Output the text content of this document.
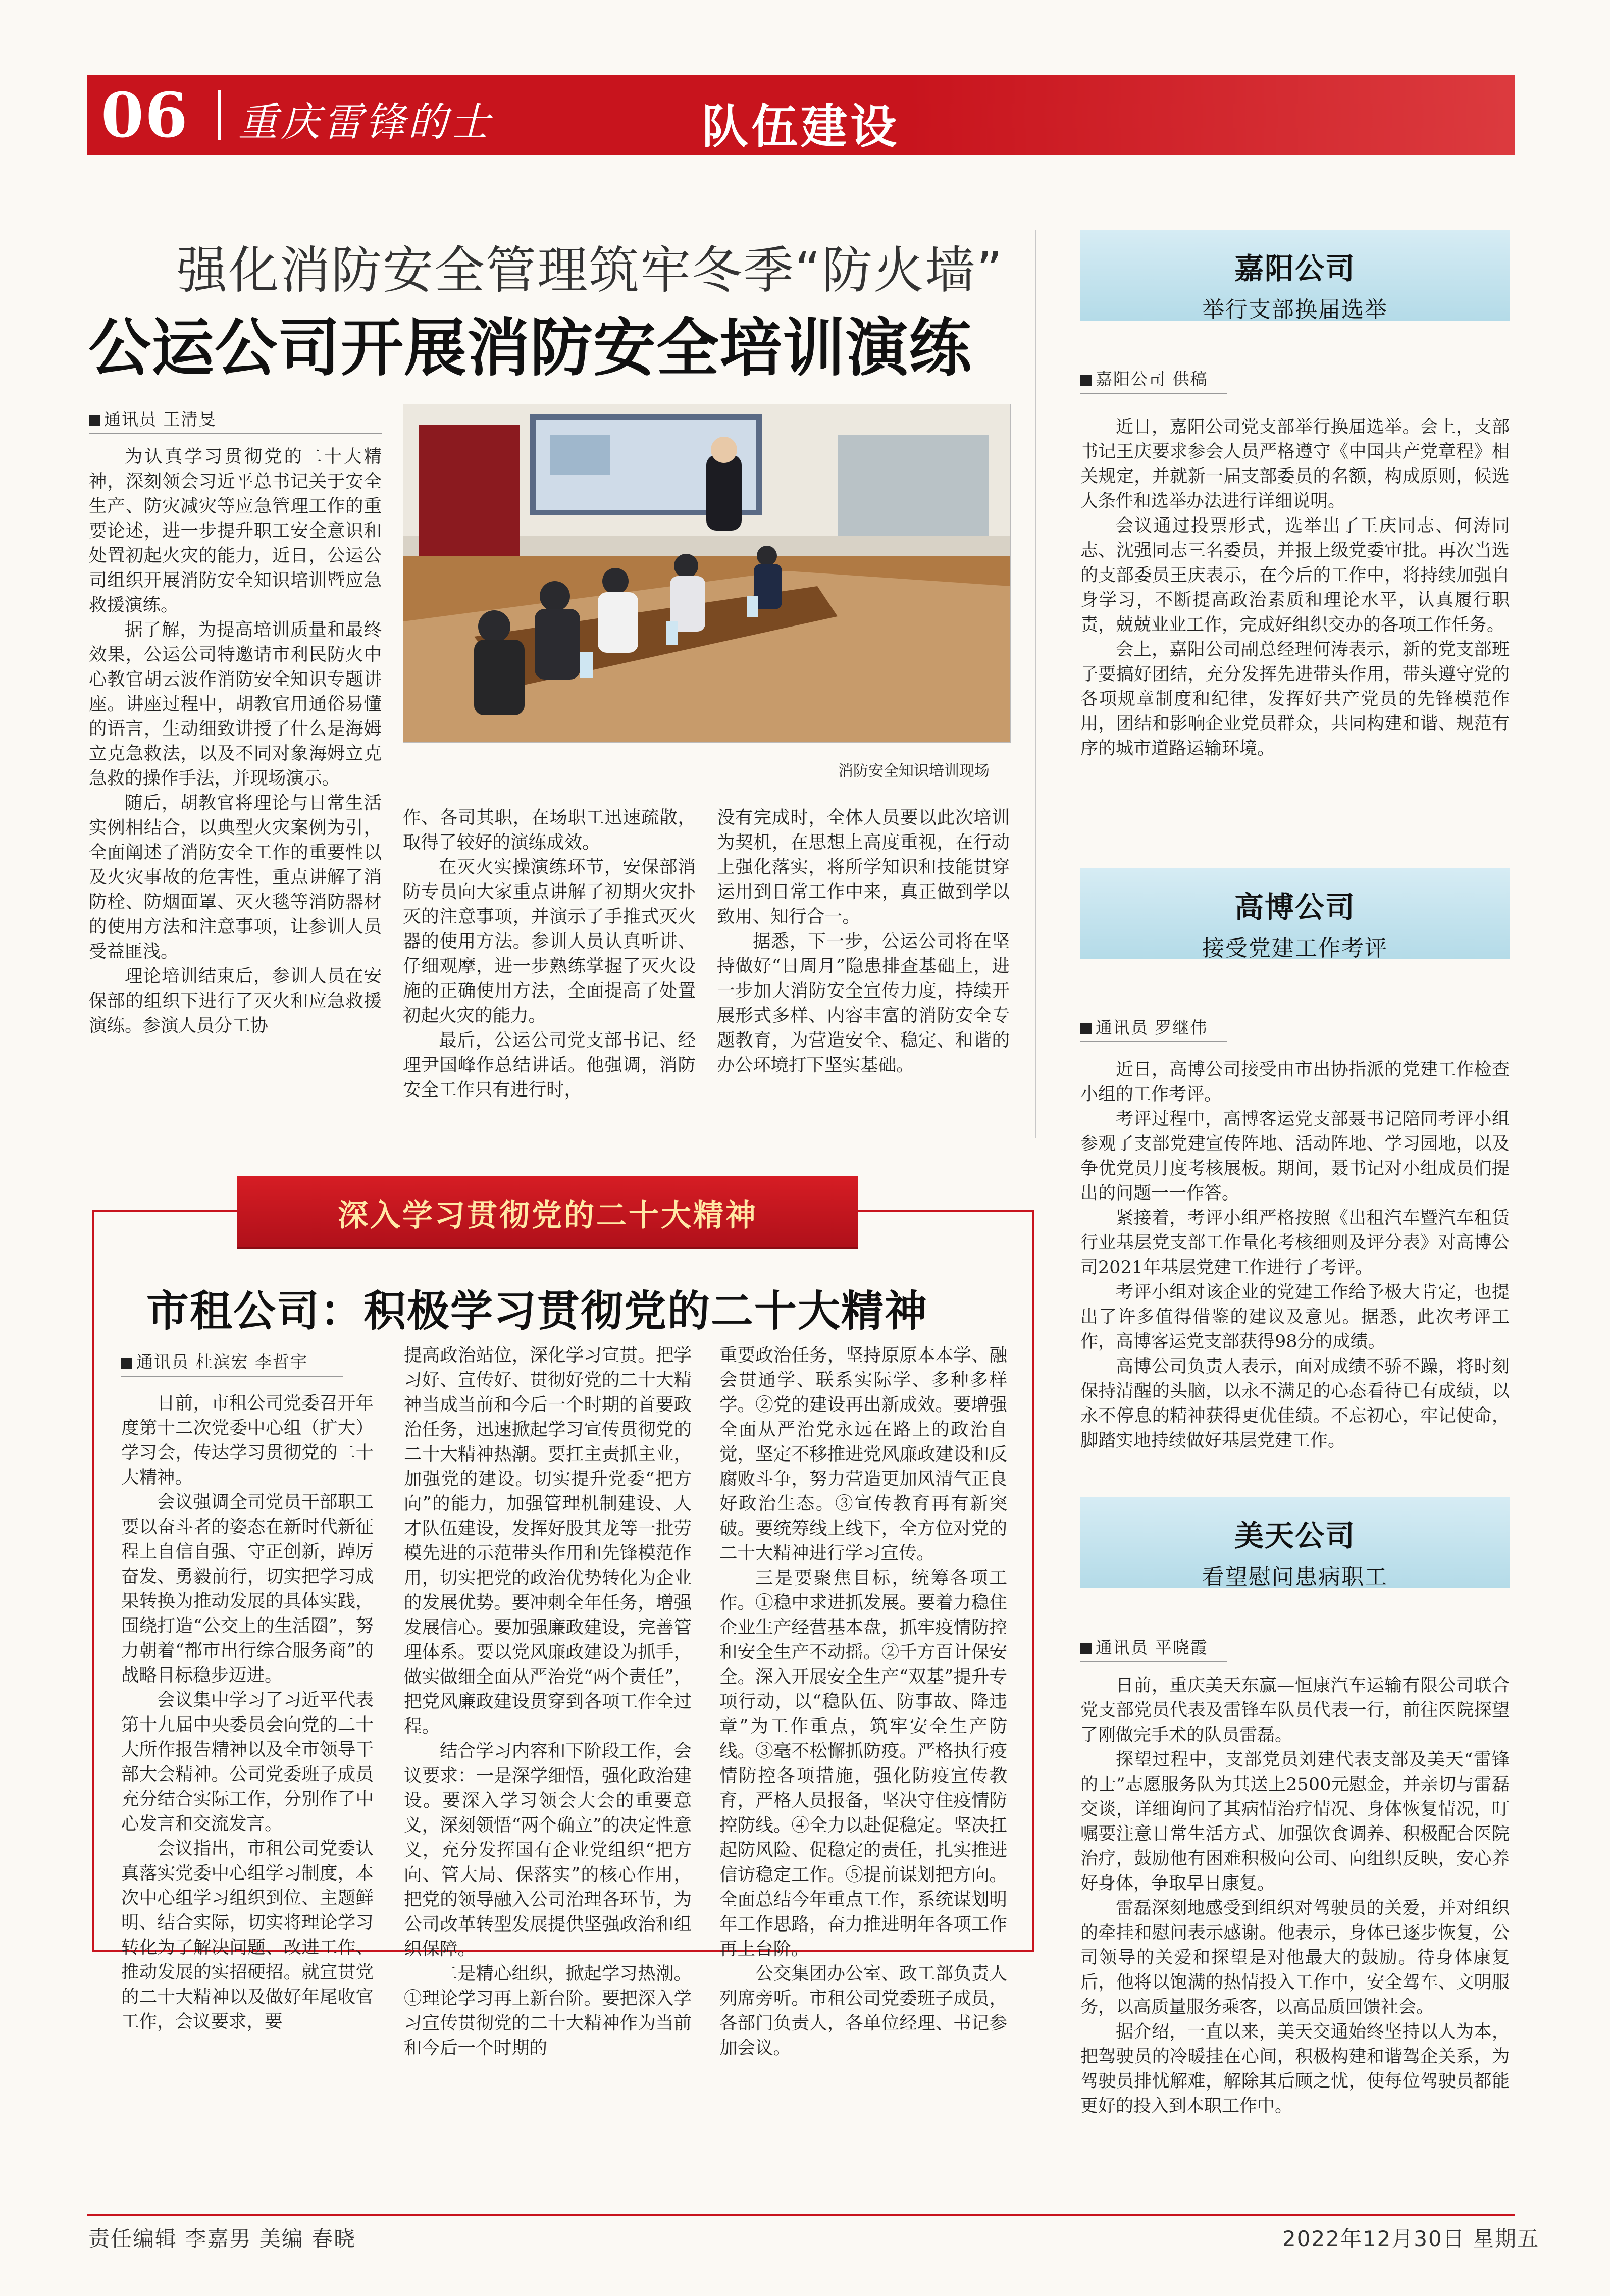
06 重庆雷锋的士	队伍建设
强化消防安全管理筑牢冬季“防火墙”
公运公司开展消防安全培训演练
通讯员 王清旻

为认真学习贯彻党的二十大精神，深刻领会习近平总书记关于安全生产、防灾减灾等应急管理工作的重要论述，进一步提升职工安全意识和处置初起火灾的能力，近日，公运公司组织开展消防安全知识培训暨应急救援演练。

据了解，为提高培训质量和最终效果，公运公司特邀请市利民防火中心教官胡云波作消防安全知识专题讲座。讲座过程中，胡教官用通俗易懂的语言，生动细致讲授了什么是海姆立克急救法，以及不同对象海姆立克急救的操作手法，并现场演示。

随后，胡教官将理论与日常生活实例相结合，以典型火灾案例为引，全面阐述了消防安全工作的重要性以及火灾事故的危害性，重点讲解了消防栓、防烟面罩、灭火毯等消防器材的使用方法和注意事项，让参训人员受益匪浅。

理论培训结束后，参训人员在安保部的组织下进行了灭火和应急救援演练。参演人员分工协

消防安全知识培训现场

作、各司其职，在场职工迅速疏散，取得了较好的演练成效。

在灭火实操演练环节，安保部消防专员向大家重点讲解了初期火灾扑灭的注意事项，并演示了手推式灭火器的使用方法。参训人员认真听讲、仔细观摩，进一步熟练掌握了灭火设施的正确使用方法，全面提高了处置初起火灾的能力。

最后，公运公司党支部书记、经理尹国峰作总结讲话。他强调，消防安全工作只有进行时，

没有完成时，全体人员要以此次培训为契机，在思想上高度重视，在行动上强化落实，将所学知识和技能贯穿运用到日常工作中来，真正做到学以致用、知行合一。

据悉，下一步，公运公司将在坚持做好“日周月”隐患排查基础上，进一步加大消防安全宣传力度，持续开展形式多样、内容丰富的消防安全专题教育，为营造安全、稳定、和谐的办公环境打下坚实基础。

深入学习贯彻党的二十大精神
市租公司：积极学习贯彻党的二十大精神
通讯员 杜滨宏 李哲宇

日前，市租公司党委召开年度第十二次党委中心组（扩大）学习会，传达学习贯彻党的二十大精神。

会议强调全司党员干部职工要以奋斗者的姿态在新时代新征程上自信自强、守正创新，踔厉奋发、勇毅前行，切实把学习成果转换为推动发展的具体实践，围绕打造“公交上的生活圈”，努力朝着“都市出行综合服务商”的战略目标稳步迈进。

会议集中学习了习近平代表第十九届中央委员会向党的二十大所作报告精神以及全市领导干部大会精神。公司党委班子成员充分结合实际工作，分别作了中心发言和交流发言。

会议指出，市租公司党委认真落实党委中心组学习制度，本次中心组学习组织到位、主题鲜明、结合实际，切实将理论学习转化为了解决问题、改进工作、推动发展的实招硬招。就宣贯党的二十大精神以及做好年尾收官工作，会议要求，要

提高政治站位，深化学习宣贯。把学习好、宣传好、贯彻好党的二十大精神当成当前和今后一个时期的首要政治任务，迅速掀起学习宣传贯彻党的二十大精神热潮。要扛主责抓主业，加强党的建设。切实提升党委“把方向”的能力，加强管理机制建设、人才队伍建设，发挥好股其龙等一批劳模先进的示范带头作用和先锋模范作用，切实把党的政治优势转化为企业的发展优势。要冲刺全年任务，增强发展信心。要加强廉政建设，完善管理体系。要以党风廉政建设为抓手，做实做细全面从严治党“两个责任”，把党风廉政建设贯穿到各项工作全过程。

结合学习内容和下阶段工作，会议要求：一是深学细悟，强化政治建设。要深入学习领会大会的重要意义，深刻领悟“两个确立”的决定性意义，充分发挥国有企业党组织“把方向、管大局、保落实”的核心作用，把党的领导融入公司治理各环节，为公司改革转型发展提供坚强政治和组织保障。

二是精心组织，掀起学习热潮。①理论学习再上新台阶。要把深入学习宣传贯彻党的二十大精神作为当前和今后一个时期的

重要政治任务，坚持原原本本学、融会贯通学、联系实际学、多种多样学。②党的建设再出新成效。要增强全面从严治党永远在路上的政治自觉，坚定不移推进党风廉政建设和反腐败斗争，努力营造更加风清气正良好政治生态。③宣传教育再有新突破。要统筹线上线下，全方位对党的二十大精神进行学习宣传。

三是要聚焦目标，统筹各项工作。①稳中求进抓发展。要着力稳住企业生产经营基本盘，抓牢疫情防控和安全生产不动摇。②千方百计保安全。深入开展安全生产“双基”提升专项行动，以“稳队伍、防事故、降违章”为工作重点，筑牢安全生产防线。③毫不松懈抓防疫。严格执行疫情防控各项措施，强化防疫宣传教育，严格人员报备，坚决守住疫情防控防线。④全力以赴促稳定。坚决扛起防风险、促稳定的责任，扎实推进信访稳定工作。⑤提前谋划把方向。全面总结今年重点工作，系统谋划明年工作思路，奋力推进明年各项工作再上台阶。

公交集团办公室、政工部负责人列席旁听。市租公司党委班子成员，各部门负责人，各单位经理、书记参加会议。

嘉阳公司
举行支部换届选举
嘉阳公司 供稿

近日，嘉阳公司党支部举行换届选举。会上，支部书记王庆要求参会人员严格遵守《中国共产党章程》相关规定，并就新一届支部委员的名额，构成原则，候选人条件和选举办法进行详细说明。

会议通过投票形式，选举出了王庆同志、何涛同志、沈强同志三名委员，并报上级党委审批。再次当选的支部委员王庆表示，在今后的工作中，将持续加强自身学习，不断提高政治素质和理论水平，认真履行职责，兢兢业业工作，完成好组织交办的各项工作任务。

会上，嘉阳公司副总经理何涛表示，新的党支部班子要搞好团结，充分发挥先进带头作用，带头遵守党的各项规章制度和纪律，发挥好共产党员的先锋模范作用，团结和影响企业党员群众，共同构建和谐、规范有序的城市道路运输环境。

高博公司
接受党建工作考评
通讯员 罗继伟

近日，高博公司接受由市出协指派的党建工作检查小组的工作考评。

考评过程中，高博客运党支部聂书记陪同考评小组参观了支部党建宣传阵地、活动阵地、学习园地，以及争优党员月度考核展板。期间，聂书记对小组成员们提出的问题一一作答。

紧接着，考评小组严格按照《出租汽车暨汽车租赁行业基层党支部工作量化考核细则及评分表》对高博公司2021年基层党建工作进行了考评。

考评小组对该企业的党建工作给予极大肯定，也提出了许多值得借鉴的建议及意见。据悉，此次考评工作，高博客运党支部获得98分的成绩。

高博公司负责人表示，面对成绩不骄不躁，将时刻保持清醒的头脑，以永不满足的心态看待已有成绩，以永不停息的精神获得更优佳绩。不忘初心，牢记使命，脚踏实地持续做好基层党建工作。

美天公司
看望慰问患病职工
通讯员 平晓霞

日前，重庆美天东赢—恒康汽车运输有限公司联合党支部党员代表及雷锋车队员代表一行，前往医院探望了刚做完手术的队员雷磊。

探望过程中，支部党员刘建代表支部及美天“雷锋的士”志愿服务队为其送上2500元慰金，并亲切与雷磊交谈，详细询问了其病情治疗情况、身体恢复情况，叮嘱要注意日常生活方式、加强饮食调养、积极配合医院治疗，鼓励他有困难积极向公司、向组织反映，安心养好身体，争取早日康复。

雷磊深刻地感受到组织对驾驶员的关爱，并对组织的牵挂和慰问表示感谢。他表示，身体已逐步恢复，公司领导的关爱和探望是对他最大的鼓励。待身体康复后，他将以饱满的热情投入工作中，安全驾车、文明服务，以高质量服务乘客，以高品质回馈社会。

据介绍，一直以来，美天交通始终坚持以人为本，把驾驶员的冷暖挂在心间，积极构建和谐驾企关系，为驾驶员排忧解难，解除其后顾之忧，使每位驾驶员都能更好的投入到本职工作中。

责任编辑 李嘉男 美编 春晓	2022年12月30日 星期五
